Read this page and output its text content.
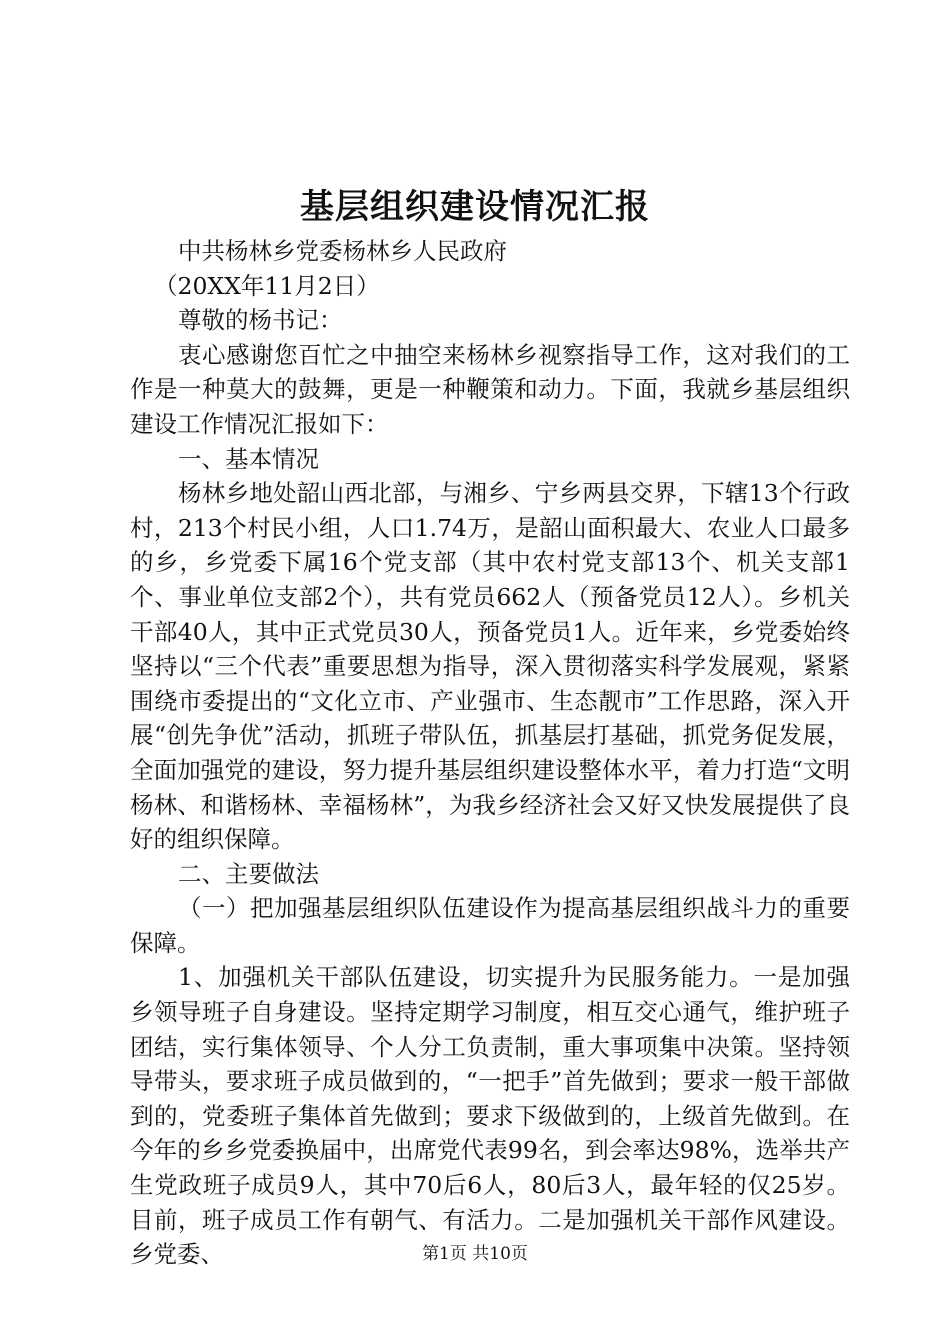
基层组织建设情况汇报

中共杨林乡党委杨林乡人民政府

（20XX年11月2日）

尊敬的杨书记：

衷心感谢您百忙之中抽空来杨林乡视察指导工作，这对我们的工作是一种莫大的鼓舞，更是一种鞭策和动力。下面，我就乡基层组织建设工作情况汇报如下：

一、基本情况

杨林乡地处韶山西北部，与湘乡、宁乡两县交界，下辖13个行政村，213个村民小组，人口1.74万，是韶山面积最大、农业人口最多的乡，乡党委下属16个党支部（其中农村党支部13个、机关支部1个、事业单位支部2个），共有党员662人（预备党员12人）。乡机关干部40人，其中正式党员30人，预备党员1人。近年来，乡党委始终坚持以“三个代表”重要思想为指导，深入贯彻落实科学发展观，紧紧围绕市委提出的“文化立市、产业强市、生态靓市”工作思路，深入开展“创先争优”活动，抓班子带队伍，抓基层打基础，抓党务促发展，全面加强党的建设，努力提升基层组织建设整体水平，着力打造“文明杨林、和谐杨林、幸福杨林”，为我乡经济社会又好又快发展提供了良好的组织保障。

二、主要做法

（一）把加强基层组织队伍建设作为提高基层组织战斗力的重要保障。

1、加强机关干部队伍建设，切实提升为民服务能力。一是加强乡领导班子自身建设。坚持定期学习制度，相互交心通气，维护班子团结，实行集体领导、个人分工负责制，重大事项集中决策。坚持领导带头，要求班子成员做到的，“一把手”首先做到；要求一般干部做到的，党委班子集体首先做到；要求下级做到的，上级首先做到。在今年的乡乡党委换届中，出席党代表99名，到会率达98%，选举共产生党政班子成员9人，其中70后6人，80后3人，最年轻的仅25岁。目前，班子成员工作有朝气、有活力。二是加强机关干部作风建设。乡党委、	第1页 共10页
